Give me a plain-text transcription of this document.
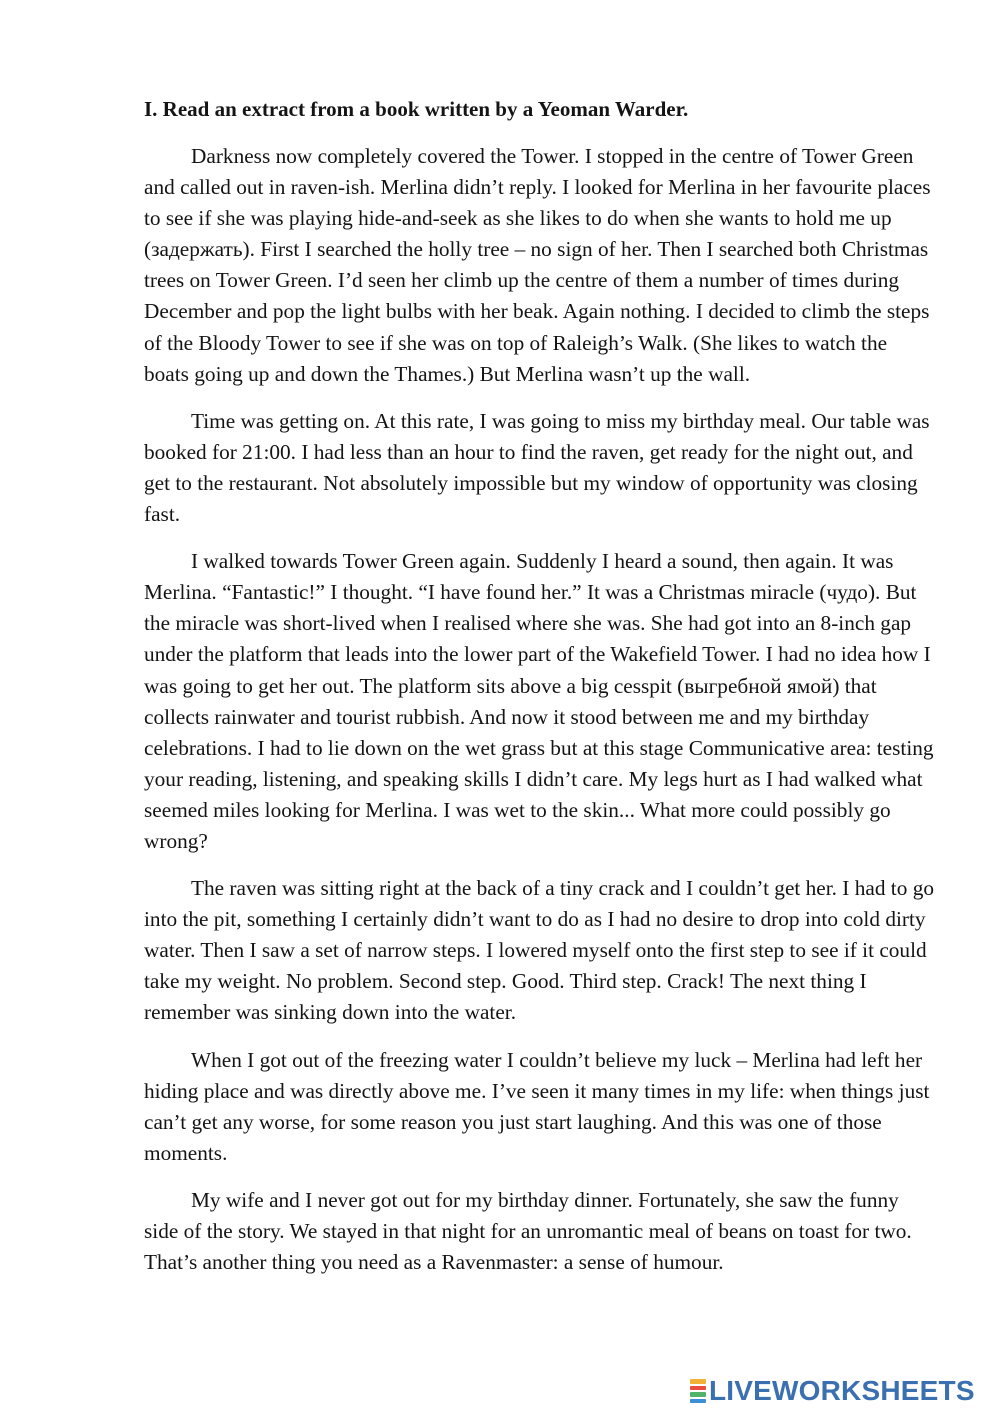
I. Read an extract from a book written by a Yeoman Warder.

Darkness now completely covered the Tower. I stopped in the centre of Tower Green and called out in raven-ish. Merlina didn’t reply. I looked for Merlina in her favourite places to see if she was playing hide-and-seek as she likes to do when she wants to hold me up (задержать). First I searched the holly tree – no sign of her. Then I searched both Christmas trees on Tower Green. I’d seen her climb up the centre of them a number of times during December and pop the light bulbs with her beak. Again nothing. I decided to climb the steps of the Bloody Tower to see if she was on top of Raleigh’s Walk. (She likes to watch the boats going up and down the Thames.) But Merlina wasn’t up the wall.

Time was getting on. At this rate, I was going to miss my birthday meal. Our table was booked for 21:00. I had less than an hour to find the raven, get ready for the night out, and get to the restaurant. Not absolutely impossible but my window of opportunity was closing fast.

I walked towards Tower Green again. Suddenly I heard a sound, then again. It was Merlina. “Fantastic!” I thought. “I have found her.” It was a Christmas miracle (чудо). But the miracle was short-lived when I realised where she was. She had got into an 8-inch gap under the platform that leads into the lower part of the Wakefield Tower. I had no idea how I was going to get her out. The platform sits above a big cesspit (выгребной ямой) that collects rainwater and tourist rubbish. And now it stood between me and my birthday celebrations. I had to lie down on the wet grass but at this stage Communicative area: testing your reading, listening, and speaking skills I didn’t care. My legs hurt as I had walked what seemed miles looking for Merlina. I was wet to the skin... What more could possibly go wrong?

The raven was sitting right at the back of a tiny crack and I couldn’t get her. I had to go into the pit, something I certainly didn’t want to do as I had no desire to drop into cold dirty water. Then I saw a set of narrow steps. I lowered myself onto the first step to see if it could take my weight. No problem. Second step. Good. Third step. Crack! The next thing I remember was sinking down into the water.

When I got out of the freezing water I couldn’t believe my luck – Merlina had left her hiding place and was directly above me. I’ve seen it many times in my life: when things just can’t get any worse, for some reason you just start laughing. And this was one of those moments.

My wife and I never got out for my birthday dinner. Fortunately, she saw the funny side of the story. We stayed in that night for an unromantic meal of beans on toast for two. That’s another thing you need as a Ravenmaster: a sense of humour.

LIVEWORKSHEETS
